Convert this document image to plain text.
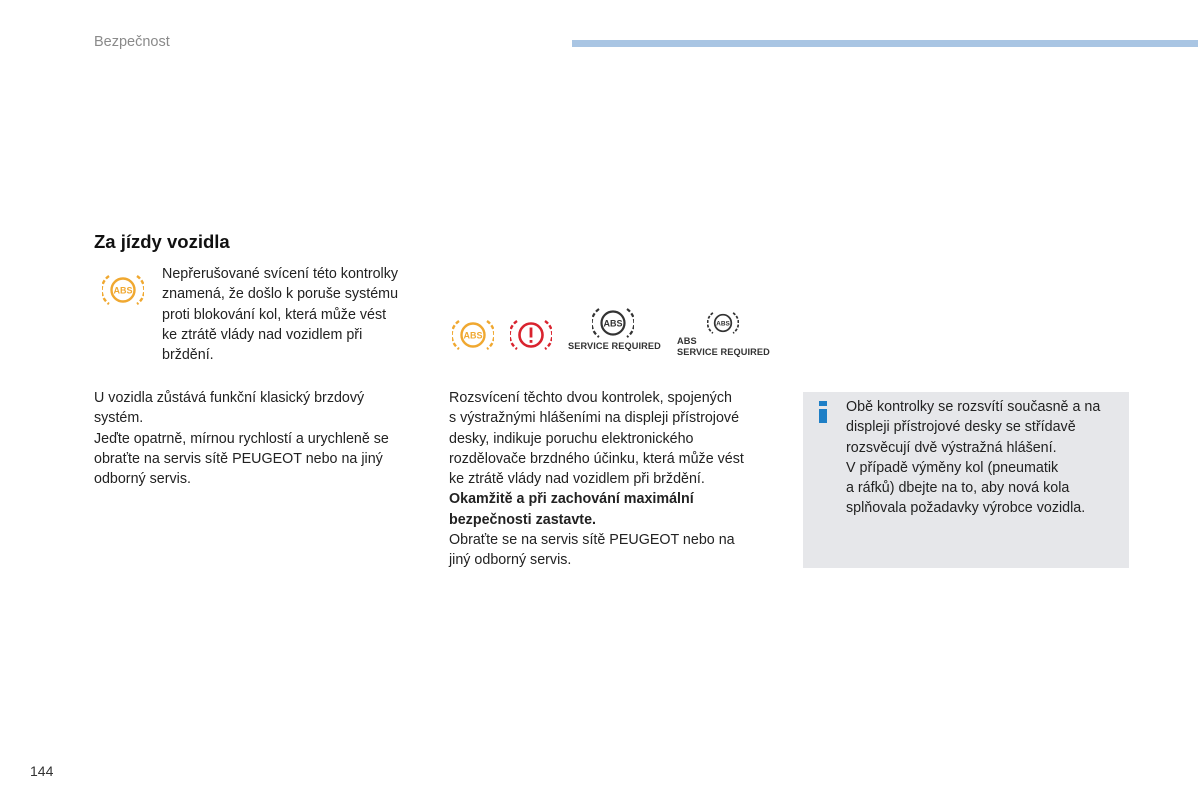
Bezpečnost
Za jízdy vozidla
ABS

Nepřerušované svícení této kontrolky

znamená, že došlo k poruše systému

proti blokování kol, která může vést

ke ztrátě vlády nad vozidlem při

brždění.

ABS
ABS
SERVICE REQUIRED
ABS
ABS
SERVICE REQUIRED

U vozidla zůstává funkční klasický brzdový

systém.

Jeďte opatrně, mírnou rychlostí a urychleně se

obraťte na servis sítě PEUGEOT nebo na jiný

odborný servis.

Rozsvícení těchto dvou kontrolek, spojených

s výstražnými hlášeními na displeji přístrojové

desky, indikuje poruchu elektronického

rozdělovače brzdného účinku, která může vést

ke ztrátě vlády nad vozidlem při brždění.

Okamžitě a při zachování maximální

bezpečnosti zastavte.

Obraťte se na servis sítě PEUGEOT nebo na

jiný odborný servis.

Obě kontrolky se rozsvítí současně a na

displeji přístrojové desky se střídavě

rozsvěcují dvě výstražná hlášení.

V případě výměny kol (pneumatik

a ráfků) dbejte na to, aby nová kola

splňovala požadavky výrobce vozidla.

144
